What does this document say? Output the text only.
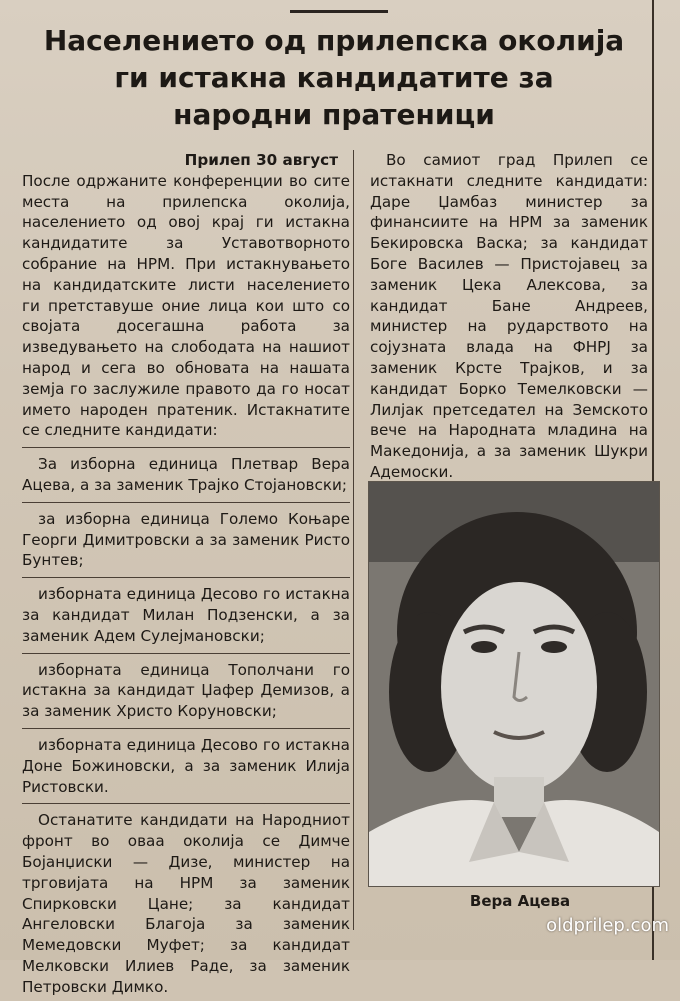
Населението од прилепска околија
ги истакна кандидатите за
народни пратеници
Прилеп 30 август

После одржаните конференции во сите места на прилепска околија, населението од овој крај ги истакна кандидатите за Уставотворното собрание на НРМ. При истакнувањето на кандидатските листи населението ги претставуше оние лица кои што со својата досегашна работа за изведувањето на слободата на нашиот народ и сега во обновата на нашата земја го заслужиле правото да го носат името народен пратеник. Истакнатите се следните кандидати:

За изборна единица Плетвар Вера Ацева, а за заменик Трајко Стојановски;

за изборна единица Големо Коњаре Георги Димитровски а за заменик Ристо Бунтев;

изборната единица Десово го истакна за кандидат Милан Подзенски, а за заменик Адем Сулејмановски;

изборната единица Тополчани го истакна за кандидат Џафер Демизов, а за заменик Христо Коруновски;

изборната единица Десово го истакна Доне Божиновски, а за заменик Илија Ристовски.

Останатите кандидати на Народниот фронт во оваа околија се Димче Бојанџиски — Дизе, министер на трговијата на НРМ за заменик Спирковски Цане; за кандидат Ангеловски Благоја за заменик Мемедовски Муфет; за кандидат Мелковски Илиев Раде, за заменик Петровски Димко.

Во самиот град Прилеп се истакнати следните кандидати: Даре Џамбаз министер за финансиите на НРМ за заменик Бекировска Васка; за кандидат Боге Василев — Пристојавец за заменик Цека Алексова, за кандидат Бане Андреев, министер на рударството на сојузната влада на ФНРЈ за заменик Крсте Трајков, и за кандидат Борко Темелковски — Лилјак претседател на Земското вече на Народната младина на Македонија, а за заменик Шукри Адемоски.

Вера Ацева
oldprilep.com
